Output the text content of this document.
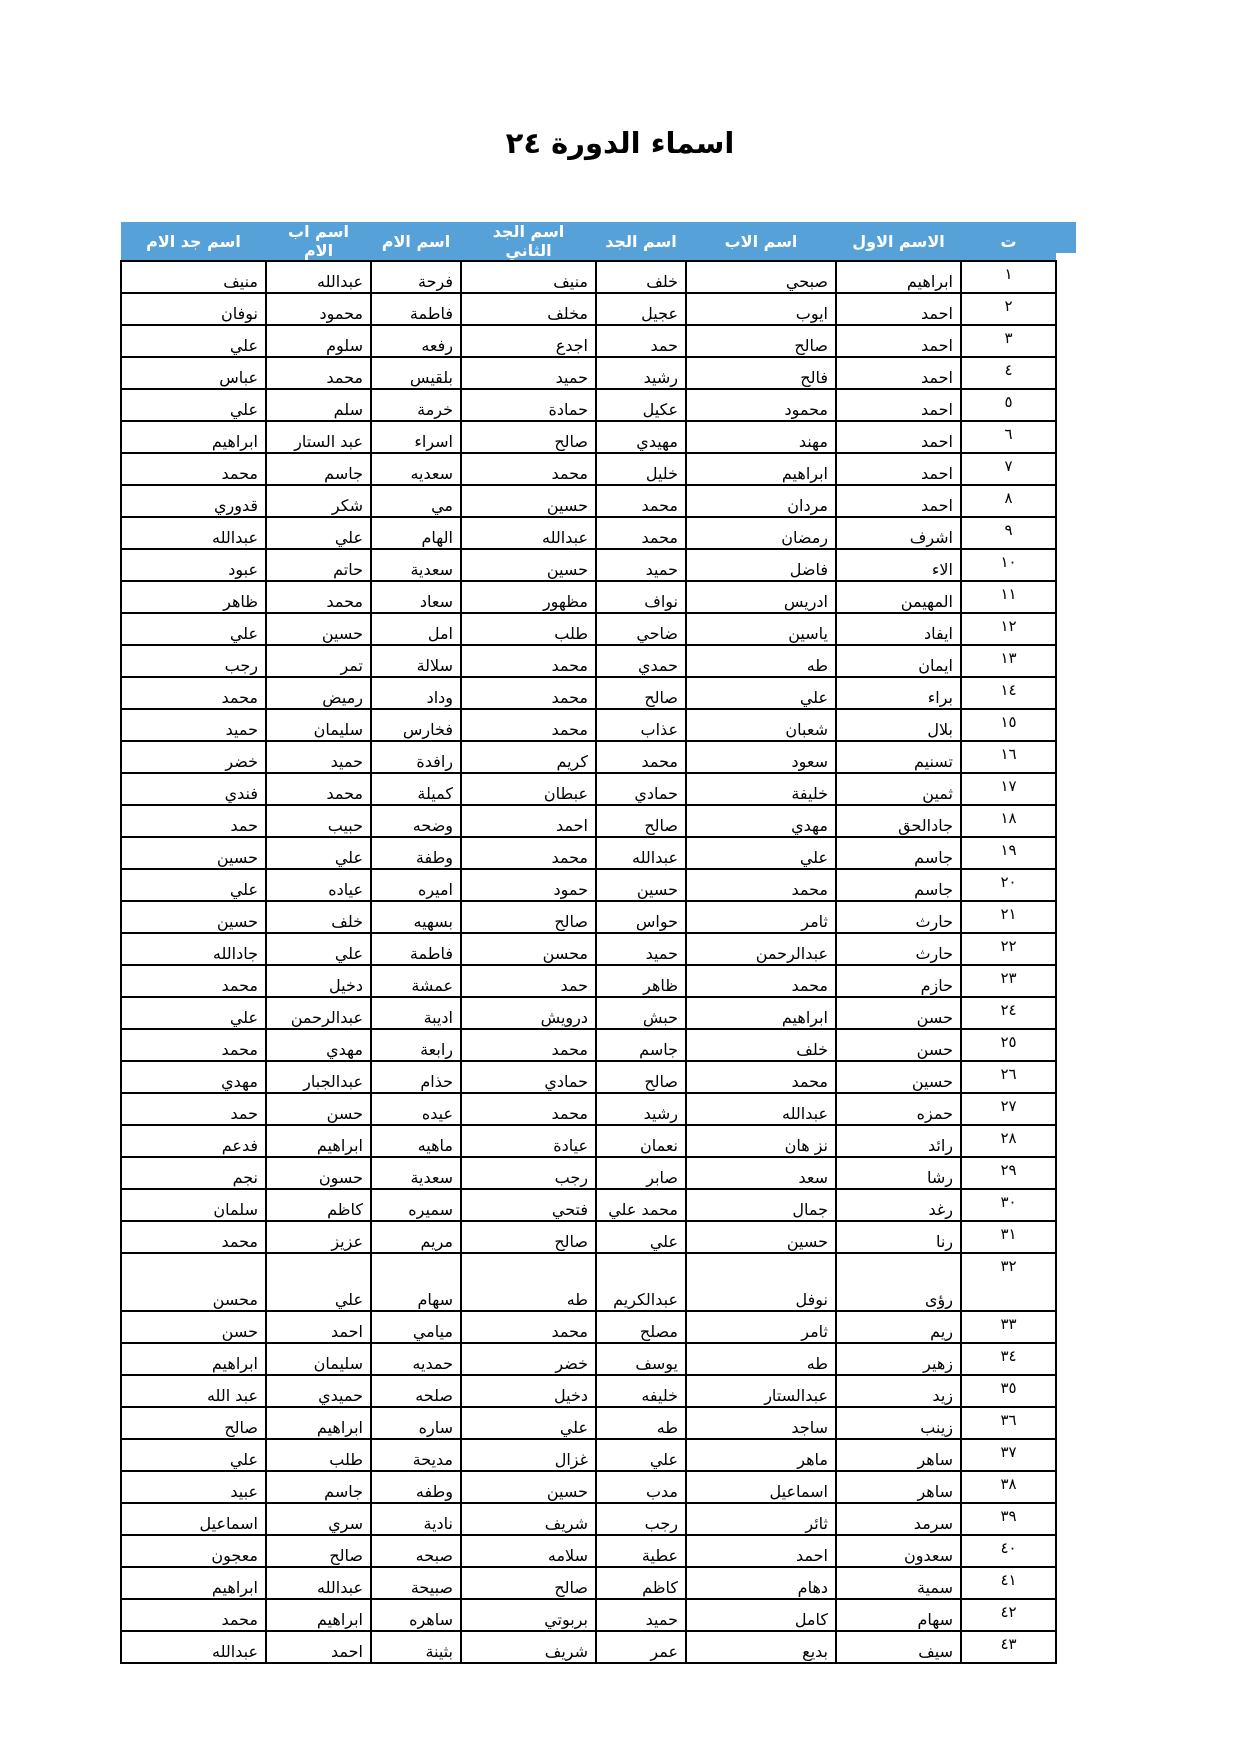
اسماء الدورة ٢٤
ت	الاسم الاول	اسم الاب	اسم الجد	اسم الجد الثاني	اسم الام	اسم اب الام	اسم جد الام
١	ابراهيم	صبحي	خلف	منيف	فرحة	عبدالله	منيف
٢	احمد	ايوب	عجيل	مخلف	فاطمة	محمود	نوفان
٣	احمد	صالح	حمد	اجدع	رفعه	سلوم	علي
٤	احمد	فالح	رشيد	حميد	بلقيس	محمد	عباس
٥	احمد	محمود	عكيل	حمادة	خرمة	سلم	علي
٦	احمد	مهند	مهيدي	صالح	اسراء	عبد الستار	ابراهيم
٧	احمد	ابراهيم	خليل	محمد	سعديه	جاسم	محمد
٨	احمد	مردان	محمد	حسين	مي	شكر	قدوري
٩	اشرف	رمضان	محمد	عبدالله	الهام	علي	عبدالله
١٠	الاء	فاضل	حميد	حسين	سعدية	حاتم	عبود
١١	المهيمن	ادريس	نواف	مظهور	سعاد	محمد	ظاهر
١٢	ايفاد	ياسين	ضاحي	طلب	امل	حسين	علي
١٣	ايمان	طه	حمدي	محمد	سلالة	تمر	رجب
١٤	براء	علي	صالح	محمد	وداد	رميض	محمد
١٥	بلال	شعبان	عذاب	محمد	فخارس	سليمان	حميد
١٦	تسنيم	سعود	محمد	كريم	رافدة	حميد	خضر
١٧	ثمين	خليفة	حمادي	عبطان	كميلة	محمد	فندي
١٨	جادالحق	مهدي	صالح	احمد	وضحه	حبيب	حمد
١٩	جاسم	علي	عبدالله	محمد	وطفة	علي	حسين
٢٠	جاسم	محمد	حسين	حمود	اميره	عياده	علي
٢١	حارث	ثامر	حواس	صالح	بسهيه	خلف	حسين
٢٢	حارث	عبدالرحمن	حميد	محسن	فاطمة	علي	جادالله
٢٣	حازم	محمد	ظاهر	حمد	عمشة	دخيل	محمد
٢٤	حسن	ابراهيم	حبش	درويش	اديبة	عبدالرحمن	علي
٢٥	حسن	خلف	جاسم	محمد	رابعة	مهدي	محمد
٢٦	حسين	محمد	صالح	حمادي	حذام	عبدالجبار	مهدي
٢٧	حمزه	عبدالله	رشيد	محمد	عيده	حسن	حمد
٢٨	رائد	نز هان	نعمان	عيادة	ماهيه	ابراهيم	فدعم
٢٩	رشا	سعد	صابر	رجب	سعدية	حسون	نجم
٣٠	رغد	جمال	محمد علي	فتحي	سميره	كاظم	سلمان
٣١	رنا	حسين	علي	صالح	مريم	عزيز	محمد
٣٢	رؤى	نوفل	عبدالكريم	طه	سهام	علي	محسن
٣٣	ريم	ثامر	مصلح	محمد	ميامي	احمد	حسن
٣٤	زهير	طه	يوسف	خضر	حمديه	سليمان	ابراهيم
٣٥	زيد	عبدالستار	خليفه	دخيل	صلحه	حميدي	عبد الله
٣٦	زينب	ساجد	طه	علي	ساره	ابراهيم	صالح
٣٧	ساهر	ماهر	علي	غزال	مديحة	طلب	علي
٣٨	ساهر	اسماعيل	مدب	حسين	وطفه	جاسم	عبيد
٣٩	سرمد	ثائر	رجب	شريف	نادية	سري	اسماعيل
٤٠	سعدون	احمد	عطية	سلامه	صبحه	صالح	معجون
٤١	سمية	دهام	كاظم	صالح	صبيحة	عبدالله	ابراهيم
٤٢	سهام	كامل	حميد	بربوتي	ساهره	ابراهيم	محمد
٤٣	سيف	بديع	عمر	شريف	بثينة	احمد	عبدالله
